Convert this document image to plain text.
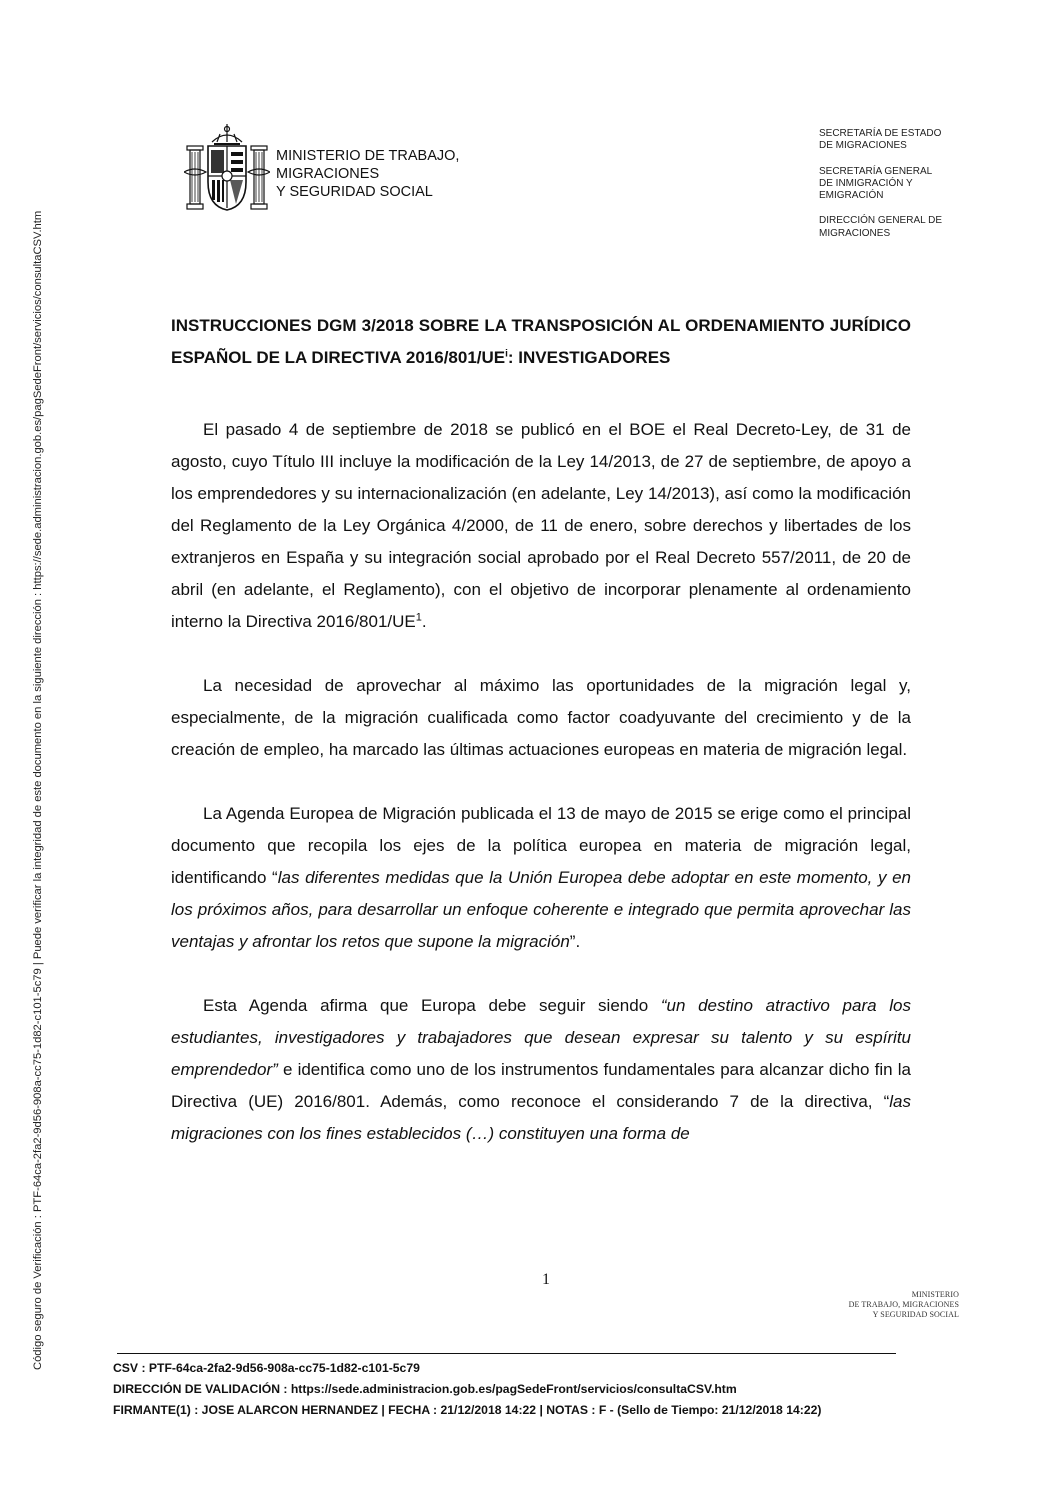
Código seguro de Verificación : PTF-64ca-2fa2-9d56-908a-cc75-1d82-c101-5c79 | Puede verificar la integridad de este documento en la siguiente dirección : https://sede.administracion.gob.es/pagSedeFront/servicios/consultaCSV.htm
MINISTERIO DE TRABAJO,
MIGRACIONES
Y SEGURIDAD SOCIAL
SECRETARÍA DE ESTADO
DE MIGRACIONES
SECRETARÍA GENERAL
DE INMIGRACIÓN Y
EMIGRACIÓN
DIRECCIÓN GENERAL DE
MIGRACIONES
INSTRUCCIONES DGM 3/2018 SOBRE LA TRANSPOSICIÓN AL ORDENAMIENTO JURÍDICO ESPAÑOL DE LA DIRECTIVA $2016/801/UE^i$: INVESTIGADORES

El pasado 4 de septiembre de 2018 se publicó en el BOE el Real Decreto-Ley, de 31 de agosto, cuyo Título III incluye la modificación de la Ley 14/2013, de 27 de septiembre, de apoyo a los emprendedores y su internacionalización (en adelante, Ley 14/2013), así como la modificación del Reglamento de la Ley Orgánica 4/2000, de 11 de enero, sobre derechos y libertades de los extranjeros en España y su integración social aprobado por el Real Decreto 557/2011, de 20 de abril (en adelante, el Reglamento), con el objetivo de incorporar plenamente al ordenamiento interno la Directiva $2016/801/UE^1$.

La necesidad de aprovechar al máximo las oportunidades de la migración legal y, especialmente, de la migración cualificada como factor coadyuvante del crecimiento y de la creación de empleo, ha marcado las últimas actuaciones europeas en materia de migración legal.

La Agenda Europea de Migración publicada el 13 de mayo de 2015 se erige como el principal documento que recopila los ejes de la política europea en materia de migración legal, identificando “las diferentes medidas que la Unión Europea debe adoptar en este momento, y en los próximos años, para desarrollar un enfoque coherente e integrado que permita aprovechar las ventajas y afrontar los retos que supone la migración”.

Esta Agenda afirma que Europa debe seguir siendo “un destino atractivo para los estudiantes, investigadores y trabajadores que desean expresar su talento y su espíritu emprendedor” e identifica como uno de los instrumentos fundamentales para alcanzar dicho fin la Directiva (UE) 2016/801. Además, como reconoce el considerando 7 de la directiva, “las migraciones con los fines establecidos (…) constituyen una forma de

1
MINISTERIO
DE TRABAJO, MIGRACIONES
Y SEGURIDAD SOCIAL
CSV : PTF-64ca-2fa2-9d56-908a-cc75-1d82-c101-5c79
DIRECCIÓN DE VALIDACIÓN : https://sede.administracion.gob.es/pagSedeFront/servicios/consultaCSV.htm
FIRMANTE(1) : JOSE ALARCON HERNANDEZ | FECHA : 21/12/2018 14:22 | NOTAS : F - (Sello de Tiempo: 21/12/2018 14:22)
